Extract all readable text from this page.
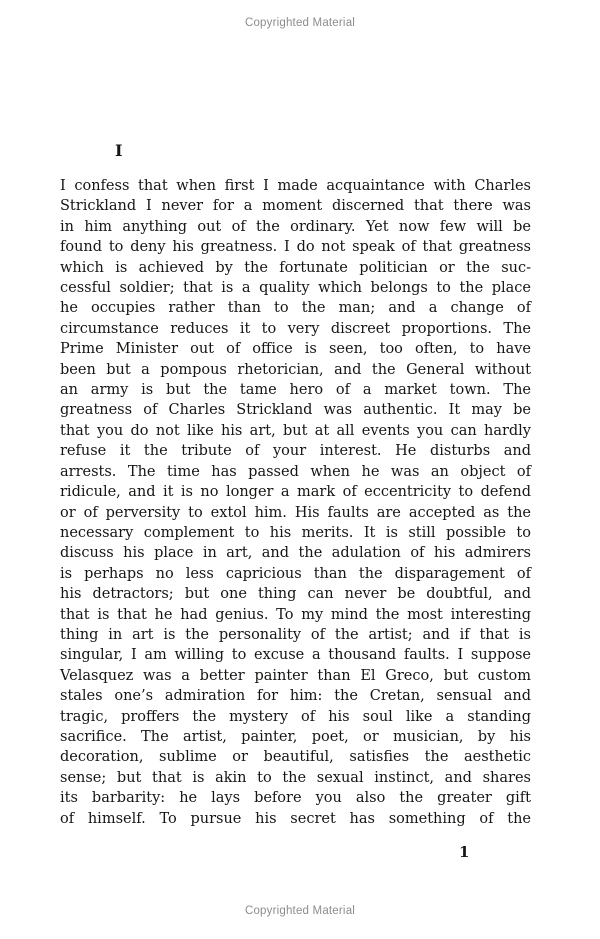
Copyrighted Material
I
I confess that when first I made acquaintance with Charles
Strickland I never for a moment discerned that there was
in him anything out of the ordinary. Yet now few will be
found to deny his greatness. I do not speak of that greatness
which is achieved by the fortunate politician or the suc-
cessful soldier; that is a quality which belongs to the place
he occupies rather than to the man; and a change of
circumstance reduces it to very discreet proportions. The
Prime Minister out of office is seen, too often, to have
been but a pompous rhetorician, and the General without
an army is but the tame hero of a market town. The
greatness of Charles Strickland was authentic. It may be
that you do not like his art, but at all events you can hardly
refuse it the tribute of your interest. He disturbs and
arrests. The time has passed when he was an object of
ridicule, and it is no longer a mark of eccentricity to defend
or of perversity to extol him. His faults are accepted as the
necessary complement to his merits. It is still possible to
discuss his place in art, and the adulation of his admirers
is perhaps no less capricious than the disparagement of
his detractors; but one thing can never be doubtful, and
that is that he had genius. To my mind the most interesting
thing in art is the personality of the artist; and if that is
singular, I am willing to excuse a thousand faults. I suppose
Velasquez was a better painter than El Greco, but custom
stales one’s admiration for him: the Cretan, sensual and
tragic, proffers the mystery of his soul like a standing
sacrifice. The artist, painter, poet, or musician, by his
decoration, sublime or beautiful, satisfies the aesthetic
sense; but that is akin to the sexual instinct, and shares
its barbarity: he lays before you also the greater gift
of himself. To pursue his secret has something of the
1
Copyrighted Material
